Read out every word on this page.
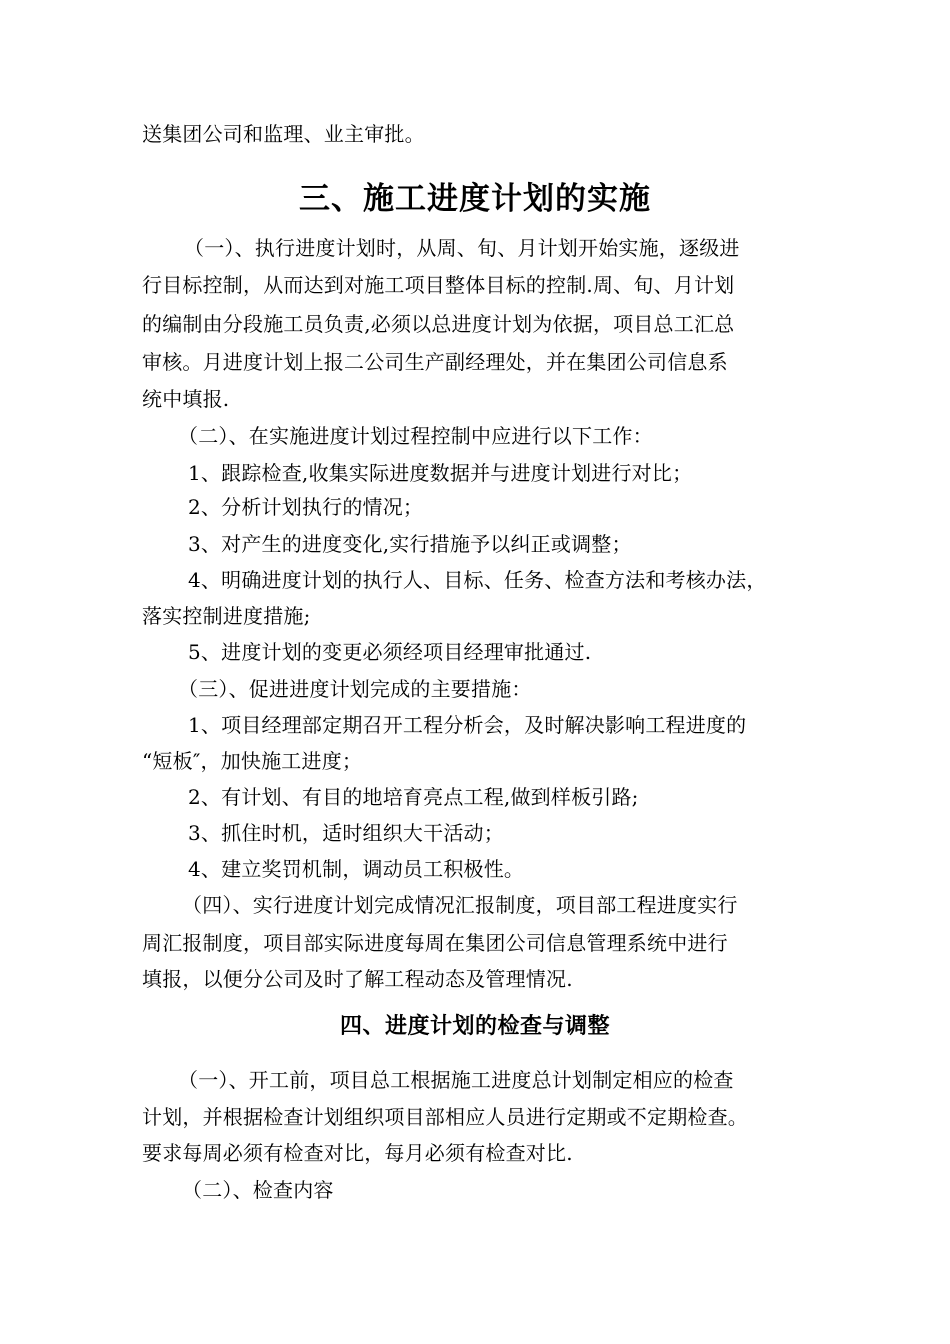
送集团公司和监理、业主审批。
三、施工进度计划的实施
（一）、执行进度计划时，从周、旬、月计划开始实施，逐级进
行目标控制，从而达到对施工项目整体目标的控制.周、旬、月计划
的编制由分段施工员负责,必须以总进度计划为依据，项目总工汇总
审核。月进度计划上报二公司生产副经理处，并在集团公司信息系
统中填报.
（二）、在实施进度计划过程控制中应进行以下工作：
1、跟踪检查,收集实际进度数据并与进度计划进行对比；
2、分析计划执行的情况；
3、对产生的进度变化,实行措施予以纠正或调整；
4、明确进度计划的执行人、目标、任务、检查方法和考核办法，
落实控制进度措施;
5、进度计划的变更必须经项目经理审批通过.
（三）、促进进度计划完成的主要措施：
1、项目经理部定期召开工程分析会，及时解决影响工程进度的
“短板″，加快施工进度；
2、有计划、有目的地培育亮点工程,做到样板引路;
3、抓住时机，适时组织大干活动；
4、建立奖罚机制，调动员工积极性。
（四）、实行进度计划完成情况汇报制度，项目部工程进度实行
周汇报制度，项目部实际进度每周在集团公司信息管理系统中进行
填报，以便分公司及时了解工程动态及管理情况.
四、进度计划的检查与调整
（一）、开工前，项目总工根据施工进度总计划制定相应的检查
计划，并根据检查计划组织项目部相应人员进行定期或不定期检查。
要求每周必须有检查对比，每月必须有检查对比.
（二）、检查内容
